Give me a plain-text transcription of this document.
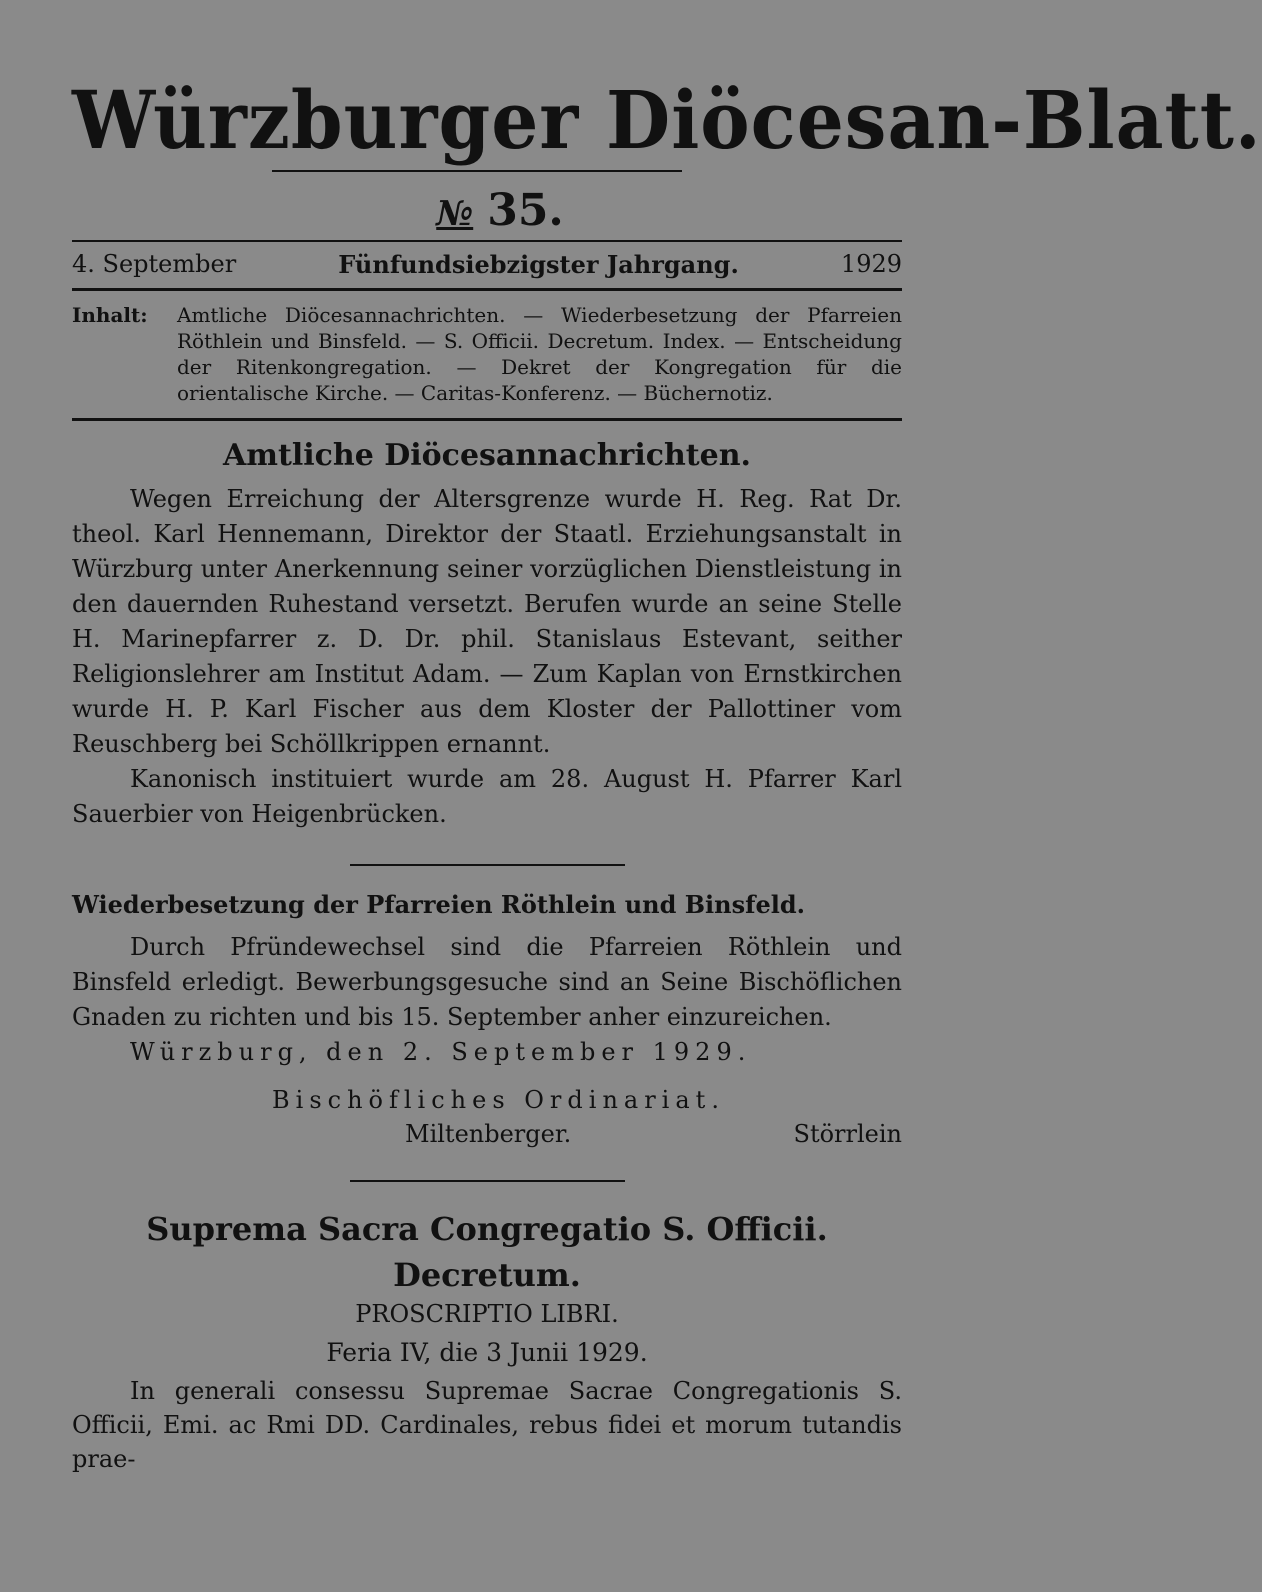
Würzburger Diöcesan-Blatt.
№ 35.
4. September	Fünfundsiebzigster Jahrgang.	1929
Inhalt:	Amtliche Diöcesannachrichten. — Wiederbesetzung der Pfarreien Röthlein und Binsfeld. — S. Officii. Decretum. Index. — Entscheidung der Ritenkongregation. — Dekret der Kongregation für die orientalische Kirche. — Caritas-Konferenz. — Büchernotiz.
Amtliche Diöcesannachrichten.

Wegen Erreichung der Altersgrenze wurde H. Reg. Rat Dr. theol. Karl Hennemann, Direktor der Staatl. Erziehungsanstalt in Würzburg unter Anerkennung seiner vorzüglichen Dienstleistung in den dauernden Ruhestand versetzt. Berufen wurde an seine Stelle H. Marinepfarrer z. D. Dr. phil. Stanislaus Estevant, seither Religionslehrer am Institut Adam. — Zum Kaplan von Ernstkirchen wurde H. P. Karl Fischer aus dem Kloster der Pallottiner vom Reuschberg bei Schöllkrippen ernannt.

Kanonisch instituiert wurde am 28. August H. Pfarrer Karl Sauerbier von Heigenbrücken.

Wiederbesetzung der Pfarreien Röthlein und Binsfeld.

Durch Pfründewechsel sind die Pfarreien Röthlein und Binsfeld erledigt. Bewerbungsgesuche sind an Seine Bischöflichen Gnaden zu richten und bis 15. September anher einzureichen.

Würzburg, den 2. September 1929.

Bischöfliches Ordinariat.
Miltenberger.	Störrlein
Suprema Sacra Congregatio S. Officii.
Decretum.
PROSCRIPTIO LIBRI.
Feria IV, die 3 Junii 1929.

In generali consessu Supremae Sacrae Congregationis S. Officii, Emi. ac Rmi DD. Cardinales, rebus fidei et morum tutandis prae-
